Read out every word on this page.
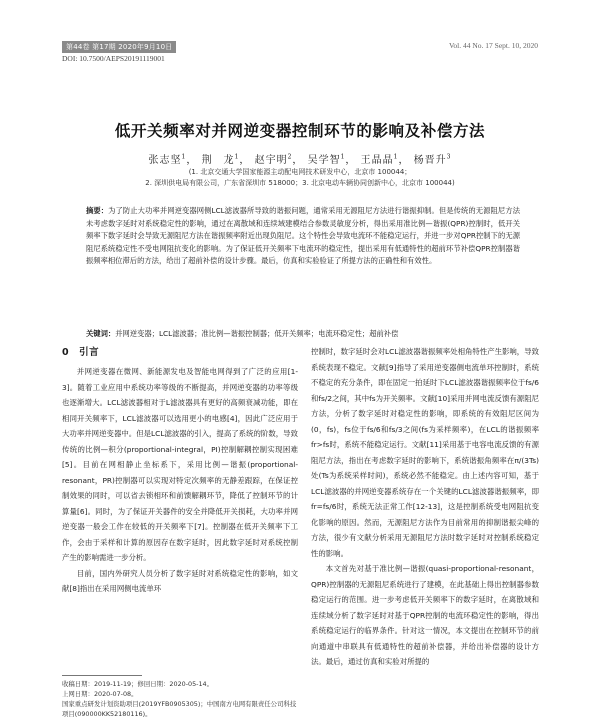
第44卷 第17期 2020年9月10日	Vol. 44 No. 17 Sept. 10, 2020
DOI: 10.7500/AEPS20191119001
低开关频率对并网逆变器控制环节的影响及补偿方法
张志坚$^1$， 荆　龙$^1$， 赵宇明$^2$， 吴学智$^1$， 王晶晶$^1$， 杨晋升$^3$
(1. 北京交通大学国家能源主动配电网技术研发中心，北京市 100044；
2. 深圳供电局有限公司，广东省深圳市 518000；3. 北京电动车辆协同创新中心，北京市 100044)
摘要：为了防止大功率并网逆变器网侧LCL滤波器所导致的谐振问题，通常采用无源阻尼方法进行谐振抑制。但是传统的无源阻尼方法未考虑数字延时对系统稳定性的影响，通过在离散域和连续域建模结合参数灵敏度分析，得出采用准比例—谐振(QPR)控制时，低开关频率下数字延时会导致无源阻尼方法在谐振频率附近出现负阻尼。这个特性会导致电流环不能稳定运行，并进一步对QPR控制下的无源阻尼系统稳定性不受电网阻抗变化的影响。为了保证低开关频率下电流环的稳定性，提出采用有低通特性的超前环节补偿QPR控制器谐振频率相位滞后的方法，给出了超前补偿的设计步骤。最后，仿真和实验验证了所提方法的正确性和有效性。
关键词：并网逆变器；LCL滤波器；准比例—谐振控制器；低开关频率；电流环稳定性；超前补偿
0 引言

并网逆变器在微网、新能源发电及智能电网得到了广泛的应用[1-3]。随着工业应用中系统功率等级的不断提高，并网逆变器的功率等级也逐渐增大。LCL滤波器相对于L滤波器具有更好的高频衰减功能，即在相同开关频率下，LCL滤波器可以选用更小的电感[4]，因此广泛应用于大功率并网逆变器中。但是LCL滤波器的引入，提高了系统的阶数，导致传统的比例—积分(proportional-integral，PI)控制解耦控制实现困难[5]。目前在网相静止坐标系下，采用比例—谐振(proportional-resonant，PR)控制器可以实现对特定次频率的无静差跟踪，在保证控制效果的同时，可以省去锁相环和前馈解耦环节，降低了控制环节的计算量[6]。同时，为了保证开关器件的安全并降低开关损耗，大功率并网逆变器一般会工作在较低的开关频率下[7]。控制器在低开关频率下工作，会由于采样和计算的原因存在数字延时，因此数字延时对系统控制产生的影响需进一步分析。

目前，国内外研究人员分析了数字延时对系统稳定性的影响，如文献[8]指出在采用网侧电流单环

控制时，数字延时会对LCL滤波器谐振频率处相角特性产生影响，导致系统表现不稳定。文献[9]指导了采用逆变器侧电流单环控制时，系统不稳定的充分条件，即在固定一拍延时下LCL滤波器谐振频率位于fs/6和fs/2之间，其中fs为开关频率。文献[10]采用并网电流反馈有源阻尼方法，分析了数字延时对稳定性的影响，即系统的有效阻尼区间为(0，fs)，fs位于fs/6和fs/3之间(fs为采样频率)，在LCL的谐振频率fr>fs时，系统不能稳定运行。文献[11]采用基于电容电流反馈的有源阻尼方法，指出在考虑数字延时的影响下，系统谐振角频率在π/(3Ts)处(Ts为系统采样时间)，系统必然不能稳定。由上述内容可知，基于LCL滤波器的并网逆变器系统存在一个关键的LCL滤波器谐振频率，即fr=fs/6时，系统无法正常工作[12-13]，这是控制系统受电网阻抗变化影响的原因。然而，无源阻尼方法作为目前常用的抑制谐振尖峰的方法，很少有文献分析采用无源阻尼方法时数字延时对控制系统稳定性的影响。

本文首先对基于准比例—谐振(quasi-proportional-resonant，QPR)控制器的无源阻尼系统进行了建模，在此基础上得出控制器参数稳定运行的范围。进一步考虑低开关频率下的数字延时，在离散域和连续域分析了数字延时对基于QPR控制的电流环稳定性的影响，得出系统稳定运行的临界条件。针对这一情况，本文提出在控制环节的前向通道中串联具有低通特性的超前补偿器，并给出补偿器的设计方法。最后，通过仿真和实验对所提的

收稿日期：2019-11-19；修回日期：2020-05-14。
上网日期：2020-07-08。
国家重点研发计划资助项目(2019YFB0905305)；中国南方电网有限责任公司科技项目(090000KK52180116)。
